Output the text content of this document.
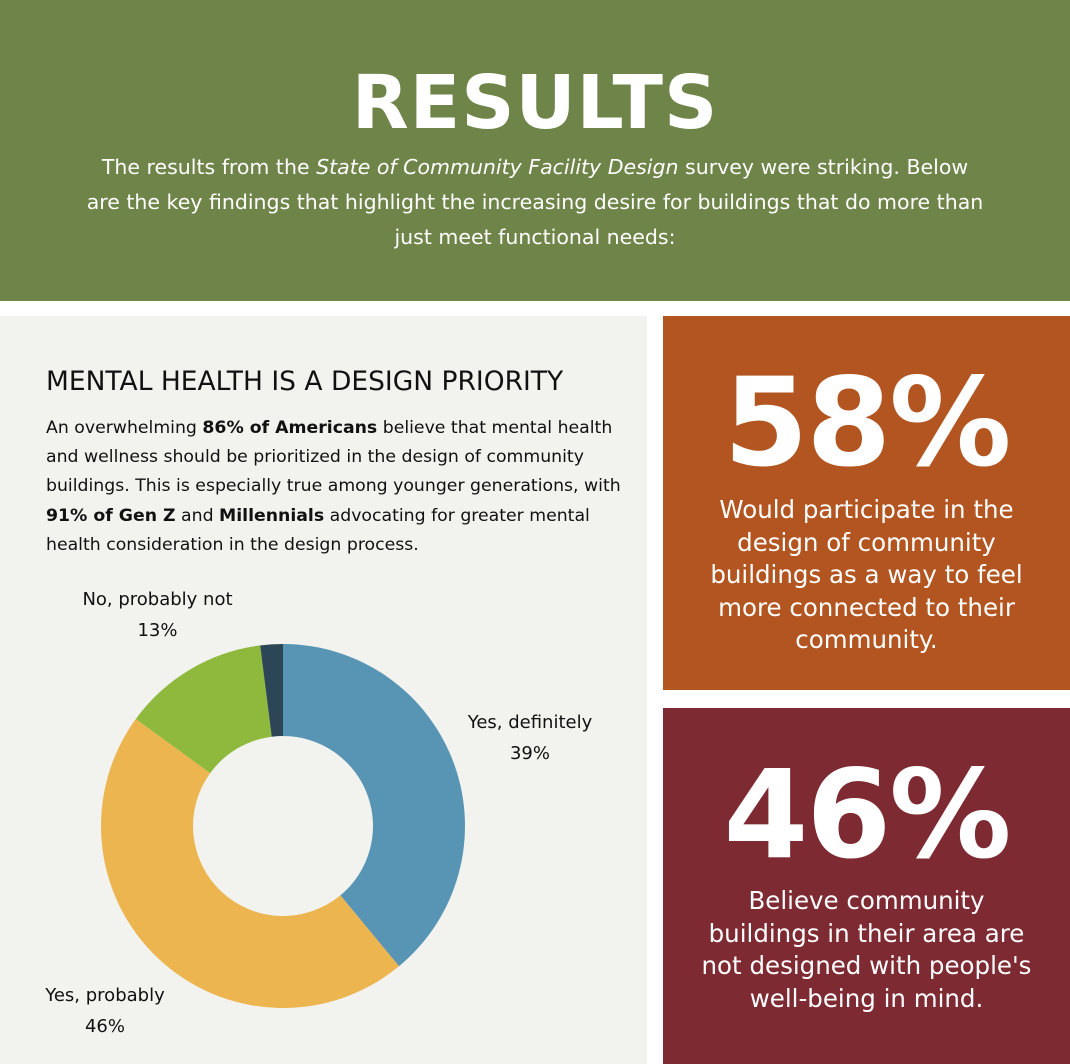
RESULTS
The results from the State of Community Facility Design survey were striking. Below are the key findings that highlight the increasing desire for buildings that do more than just meet functional needs:
MENTAL HEALTH IS A DESIGN PRIORITY
An overwhelming 86% of Americans believe that mental health and wellness should be prioritized in the design of community buildings. This is especially true among younger generations, with 91% of Gen Z and Millennials advocating for greater mental health consideration in the design process.
Yes, definitely
39%
Yes, probably
46%
No, probably not
13%
58%
Would participate in the design of community buildings as a way to feel more connected to their community.
46%
Believe community buildings in their area are not designed with people's well-being in mind.
